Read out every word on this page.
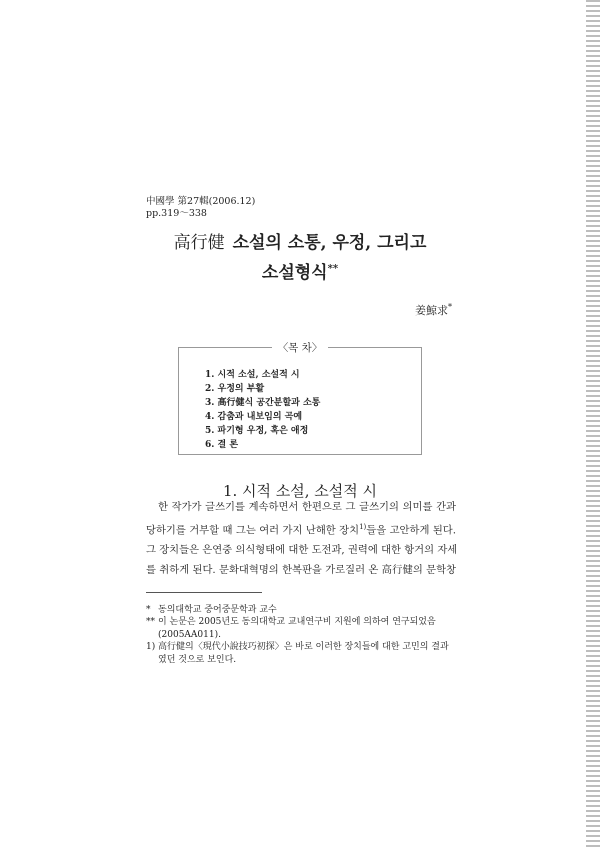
中國學 第27輯(2006.12)
pp.319～338
高行健 소설의 소통, 우정, 그리고
소설형식**
姜鯨求*
〈목 차〉
1. 시적 소설, 소설적 시
2. 우정의 부활
3. 高行健식 공간분할과 소통
4. 감춤과 내보임의 곡예
5. 파기형 우정, 혹은 애정
6. 결 론
1. 시적 소설, 소설적 시

한 작가가 글쓰기를 계속하면서 한편으로 그 글쓰기의 의미를 간과
당하기를 거부할 때 그는 여러 가지 난해한 장치$^{1)}$들을 고안하게 된다.
그 장치들은 은연중 의식형태에 대한 도전과, 권력에 대한 항거의 자세
를 취하게 된다. 문화대혁명의 한복판을 가로질러 온 高行健의 문학창

* 동의대학교 중어중문학과 교수
** 이 논문은 2005년도 동의대학교 교내연구비 지원에 의하여 연구되었음 (2005AA011).
1) 高行健의〈現代小說技巧初探〉은 바로 이러한 장치들에 대한 고민의 결과였던 것으로 보인다.
